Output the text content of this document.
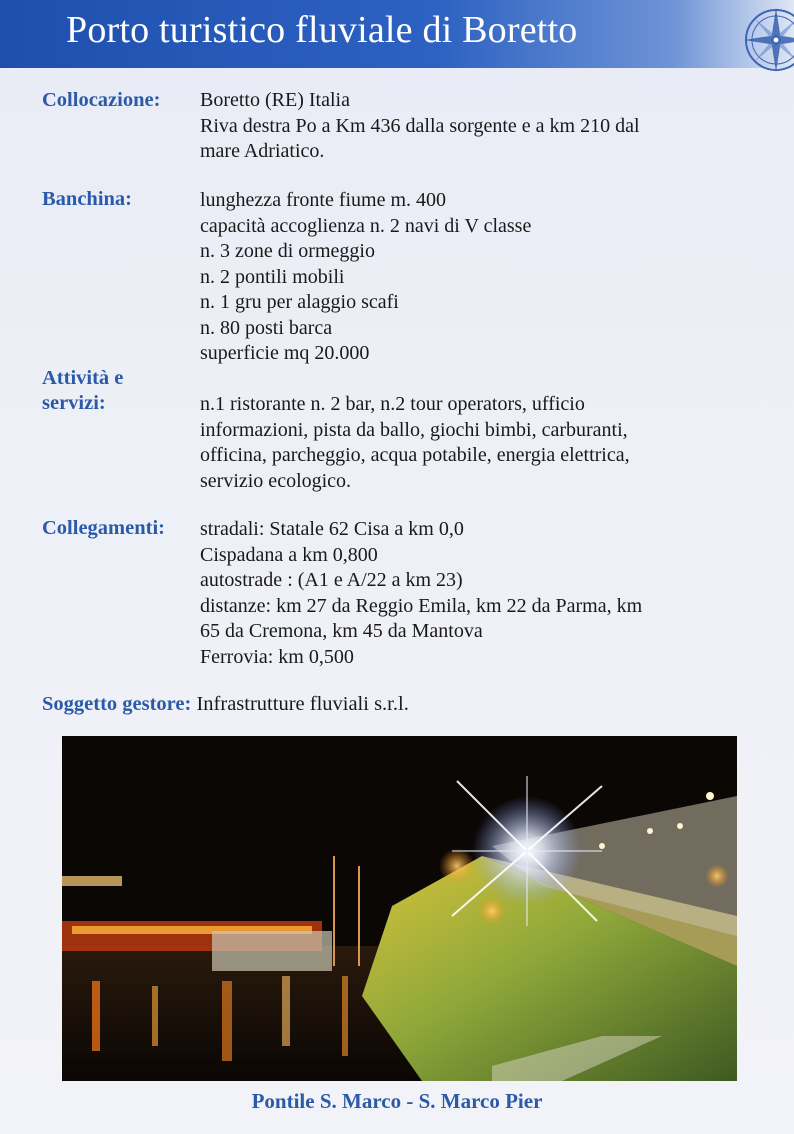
Porto turistico fluviale di Boretto
Collocazione: Boretto (RE) Italia
Riva destra Po a Km 436 dalla sorgente e a km 210 dal
mare Adriatico.
Banchina:	lunghezza fronte fiume m. 400
capacità accoglienza n. 2 navi di V classe
n. 3 zone di ormeggio
n. 2 pontili mobili
n. 1 gru per alaggio scafi
n. 80 posti barca
superficie mq 20.000
Attività e
servizi:	n.1 ristorante n. 2 bar, n.2 tour operators, ufficio
informazioni, pista da ballo, giochi bimbi, carburanti,
officina, parcheggio, acqua potabile, energia elettrica,
servizio ecologico.
Collegamenti: stradali: Statale 62 Cisa a km 0,0
Cispadana a km 0,800
autostrade : (A1 e A/22 a km 23)
distanze: km 27 da Reggio Emila, km 22 da Parma, km
65 da Cremona, km 45 da Mantova
Ferrovia: km 0,500
Soggetto gestore: Infrastrutture fluviali s.r.l.
Pontile S. Marco - S. Marco Pier
